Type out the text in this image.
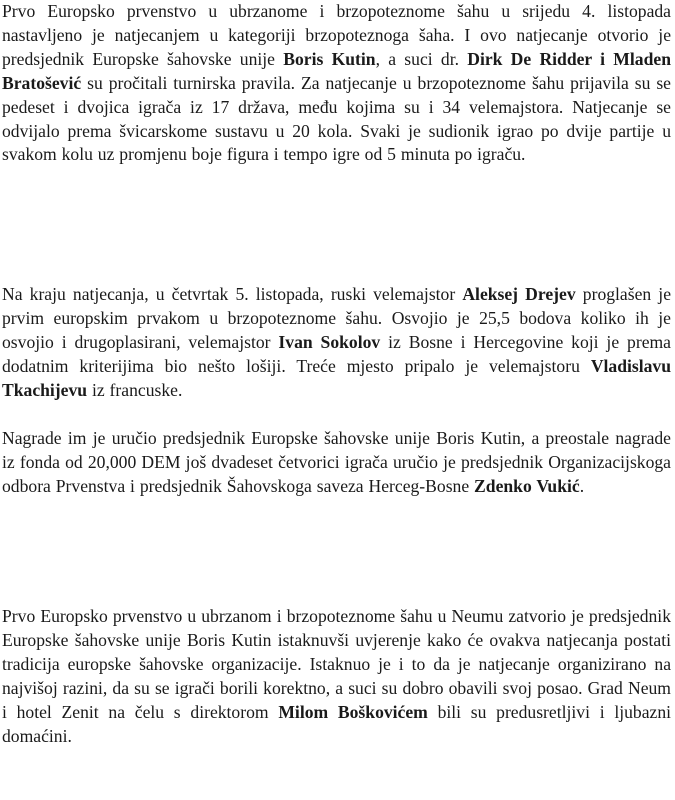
Prvo Europsko prvenstvo u ubrzanome i brzopoteznome šahu u srijedu 4. listopada nastavljeno je natjecanjem u kategoriji brzopoteznoga šaha. I ovo natjecanje otvorio je predsjednik Europske šahovske unije Boris Kutin, a suci dr. Dirk De Ridder i Mladen Bratošević su pročitali turnirska pravila. Za natjecanje u brzopoteznome šahu prijavila su se pedeset i dvojica igrača iz 17 država, među kojima su i 34 velemajstora. Natjecanje se odvijalo prema švicarskome sustavu u 20 kola. Svaki je sudionik igrao po dvije partije u svakom kolu uz promjenu boje figura i tempo igre od 5 minuta po igraču.

Na kraju natjecanja, u četvrtak 5. listopada, ruski velemajstor Aleksej Drejev proglašen je prvim europskim prvakom u brzopoteznome šahu. Osvojio je 25,5 bodova koliko ih je osvojio i drugoplasirani, velemajstor Ivan Sokolov iz Bosne i Hercegovine koji je prema dodatnim kriterijima bio nešto lošiji. Treće mjesto pripalo je velemajstoru Vladislavu Tkachijevu iz francuske.

Nagrade im je uručio predsjednik Europske šahovske unije Boris Kutin, a preostale nagrade iz fonda od 20,000 DEM još dvadeset četvorici igrača uručio je predsjednik Organizacijskoga odbora Prvenstva i predsjednik Šahovskoga saveza Herceg-Bosne Zdenko Vukić.

Prvo Europsko prvenstvo u ubrzanom i brzopoteznome šahu u Neumu zatvorio je predsjednik Europske šahovske unije Boris Kutin istaknuvši uvjerenje kako će ovakva natjecanja postati tradicija europske šahovske organizacije. Istaknuo je i to da je natjecanje organizirano na najvišoj razini, da su se igrači borili korektno, a suci su dobro obavili svoj posao. Grad Neum i hotel Zenit na čelu s direktorom Milom Boškovićem bili su predusretljivi i ljubazni domaćini.
